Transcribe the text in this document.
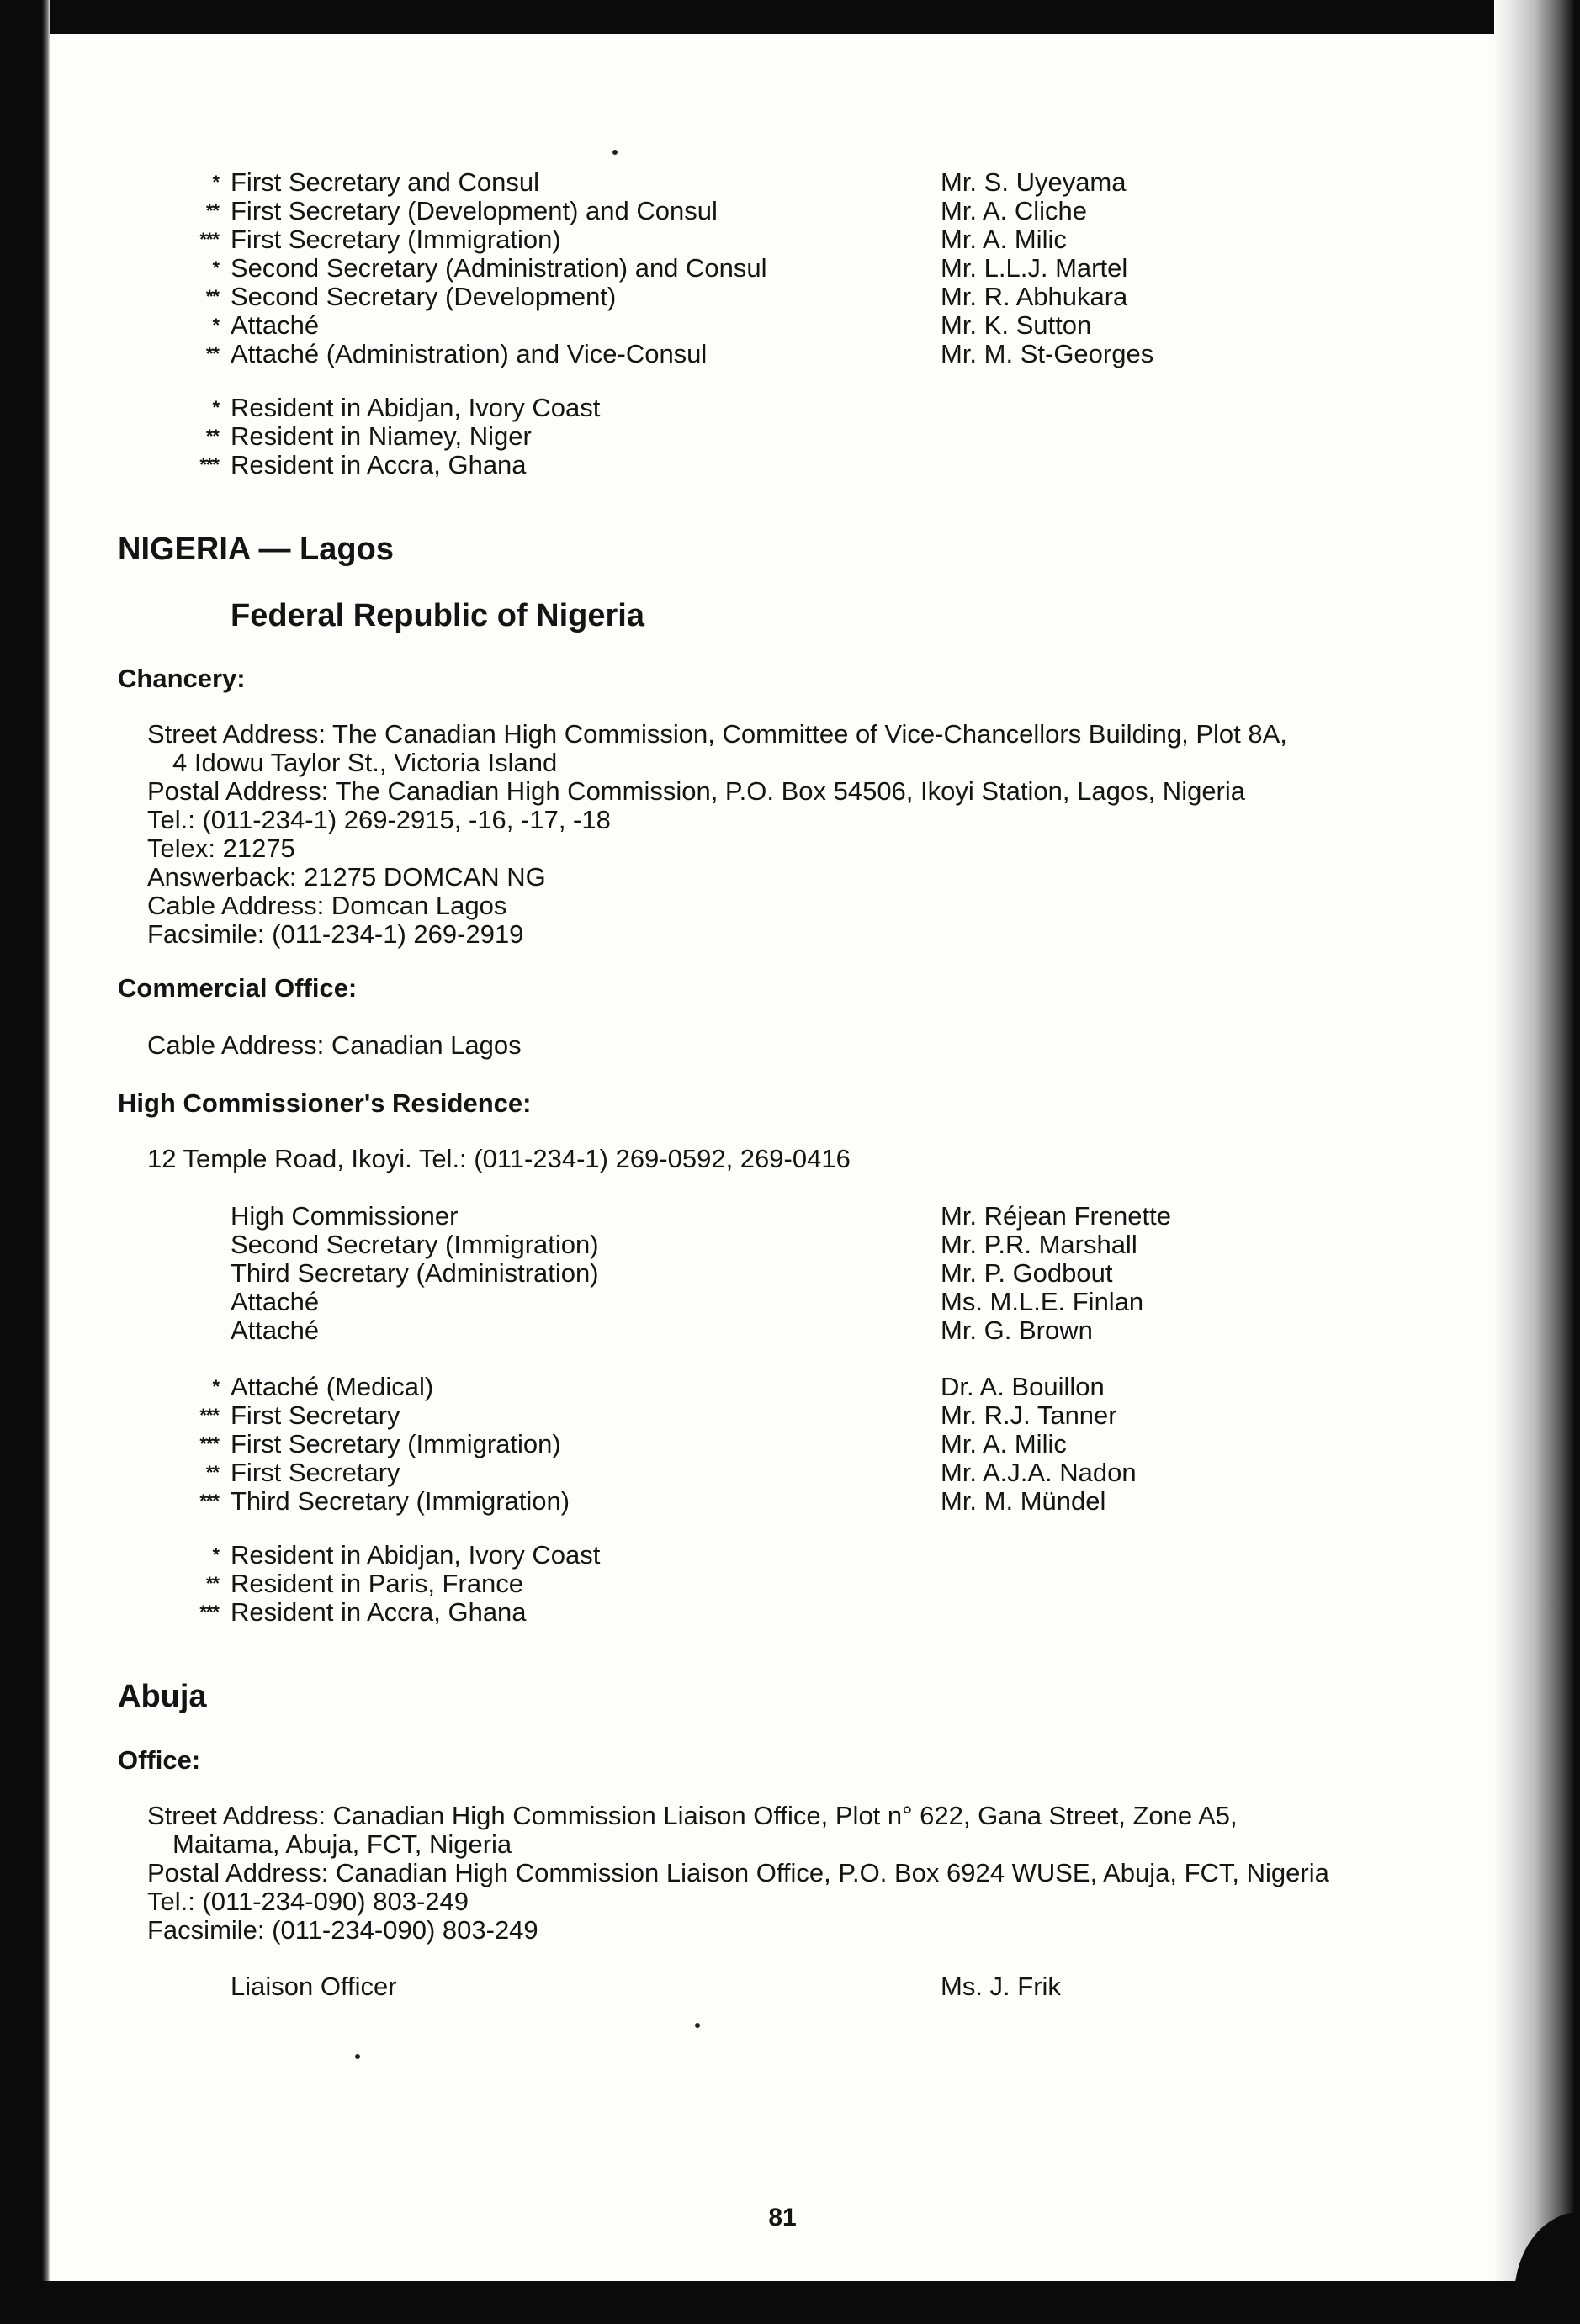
* First Secretary and Consul	Mr. S. Uyeyama
** First Secretary (Development) and Consul	Mr. A. Cliche
*** First Secretary (Immigration)	Mr. A. Milic
* Second Secretary (Administration) and Consul	Mr. L.L.J. Martel
** Second Secretary (Development)	Mr. R. Abhukara
* Attaché	Mr. K. Sutton
** Attaché (Administration) and Vice-Consul	Mr. M. St-Georges
* Resident in Abidjan, Ivory Coast
** Resident in Niamey, Niger
*** Resident in Accra, Ghana
NIGERIA — Lagos
Federal Republic of Nigeria
Chancery:
Street Address: The Canadian High Commission, Committee of Vice-Chancellors Building, Plot 8A,
4 Idowu Taylor St., Victoria Island
Postal Address: The Canadian High Commission, P.O. Box 54506, Ikoyi Station, Lagos, Nigeria
Tel.: (011-234-1) 269-2915, -16, -17, -18
Telex: 21275
Answerback: 21275 DOMCAN NG
Cable Address: Domcan Lagos
Facsimile: (011-234-1) 269-2919
Commercial Office:
Cable Address: Canadian Lagos
High Commissioner's Residence:
12 Temple Road, Ikoyi. Tel.: (011-234-1) 269-0592, 269-0416
High Commissioner	Mr. Réjean Frenette
Second Secretary (Immigration)	Mr. P.R. Marshall
Third Secretary (Administration)	Mr. P. Godbout
Attaché	Ms. M.L.E. Finlan
Attaché	Mr. G. Brown
* Attaché (Medical)	Dr. A. Bouillon
*** First Secretary	Mr. R.J. Tanner
*** First Secretary (Immigration)	Mr. A. Milic
** First Secretary	Mr. A.J.A. Nadon
*** Third Secretary (Immigration)	Mr. M. Mündel
* Resident in Abidjan, Ivory Coast
** Resident in Paris, France
*** Resident in Accra, Ghana
Abuja
Office:
Street Address: Canadian High Commission Liaison Office, Plot n° 622, Gana Street, Zone A5,
Maitama, Abuja, FCT, Nigeria
Postal Address: Canadian High Commission Liaison Office, P.O. Box 6924 WUSE, Abuja, FCT, Nigeria
Tel.: (011-234-090) 803-249
Facsimile: (011-234-090) 803-249
Liaison Officer	Ms. J. Frik
81
